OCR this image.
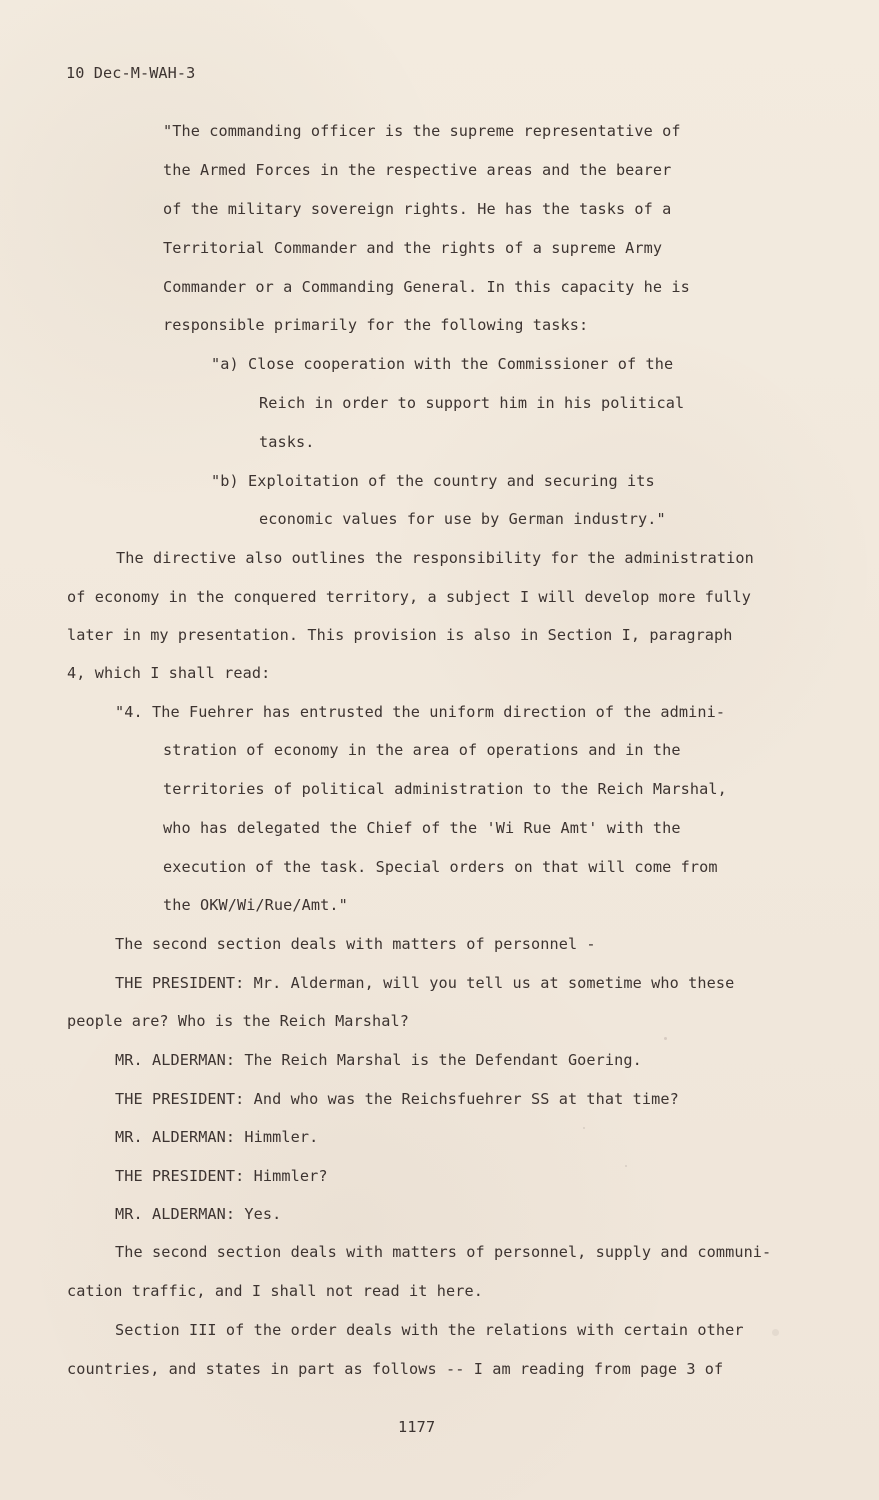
10 Dec-M-WAH-3
"The commanding officer is the supreme representative of
the Armed Forces in the respective areas and the bearer
of the military sovereign rights. He has the tasks of a
Territorial Commander and the rights of a supreme Army
Commander or a Commanding General. In this capacity he is
responsible primarily for the following tasks:
"a) Close cooperation with the Commissioner of the
Reich in order to support him in his political
tasks.
"b) Exploitation of the country and securing its
economic values for use by German industry."
The directive also outlines the responsibility for the administration
of economy in the conquered territory, a subject I will develop more fully
later in my presentation. This provision is also in Section I, paragraph
4, which I shall read:
"4. The Fuehrer has entrusted the uniform direction of the admini-
stration of economy in the area of operations and in the
territories of political administration to the Reich Marshal,
who has delegated the Chief of the 'Wi Rue Amt' with the
execution of the task. Special orders on that will come from
the OKW/Wi/Rue/Amt."
The second section deals with matters of personnel -
THE PRESIDENT: Mr. Alderman, will you tell us at sometime who these
people are? Who is the Reich Marshal?
MR. ALDERMAN: The Reich Marshal is the Defendant Goering.
THE PRESIDENT: And who was the Reichsfuehrer SS at that time?
MR. ALDERMAN: Himmler.
THE PRESIDENT: Himmler?
MR. ALDERMAN: Yes.
The second section deals with matters of personnel, supply and communi-
cation traffic, and I shall not read it here.
Section III of the order deals with the relations with certain other
countries, and states in part as follows -- I am reading from page 3 of
1177
